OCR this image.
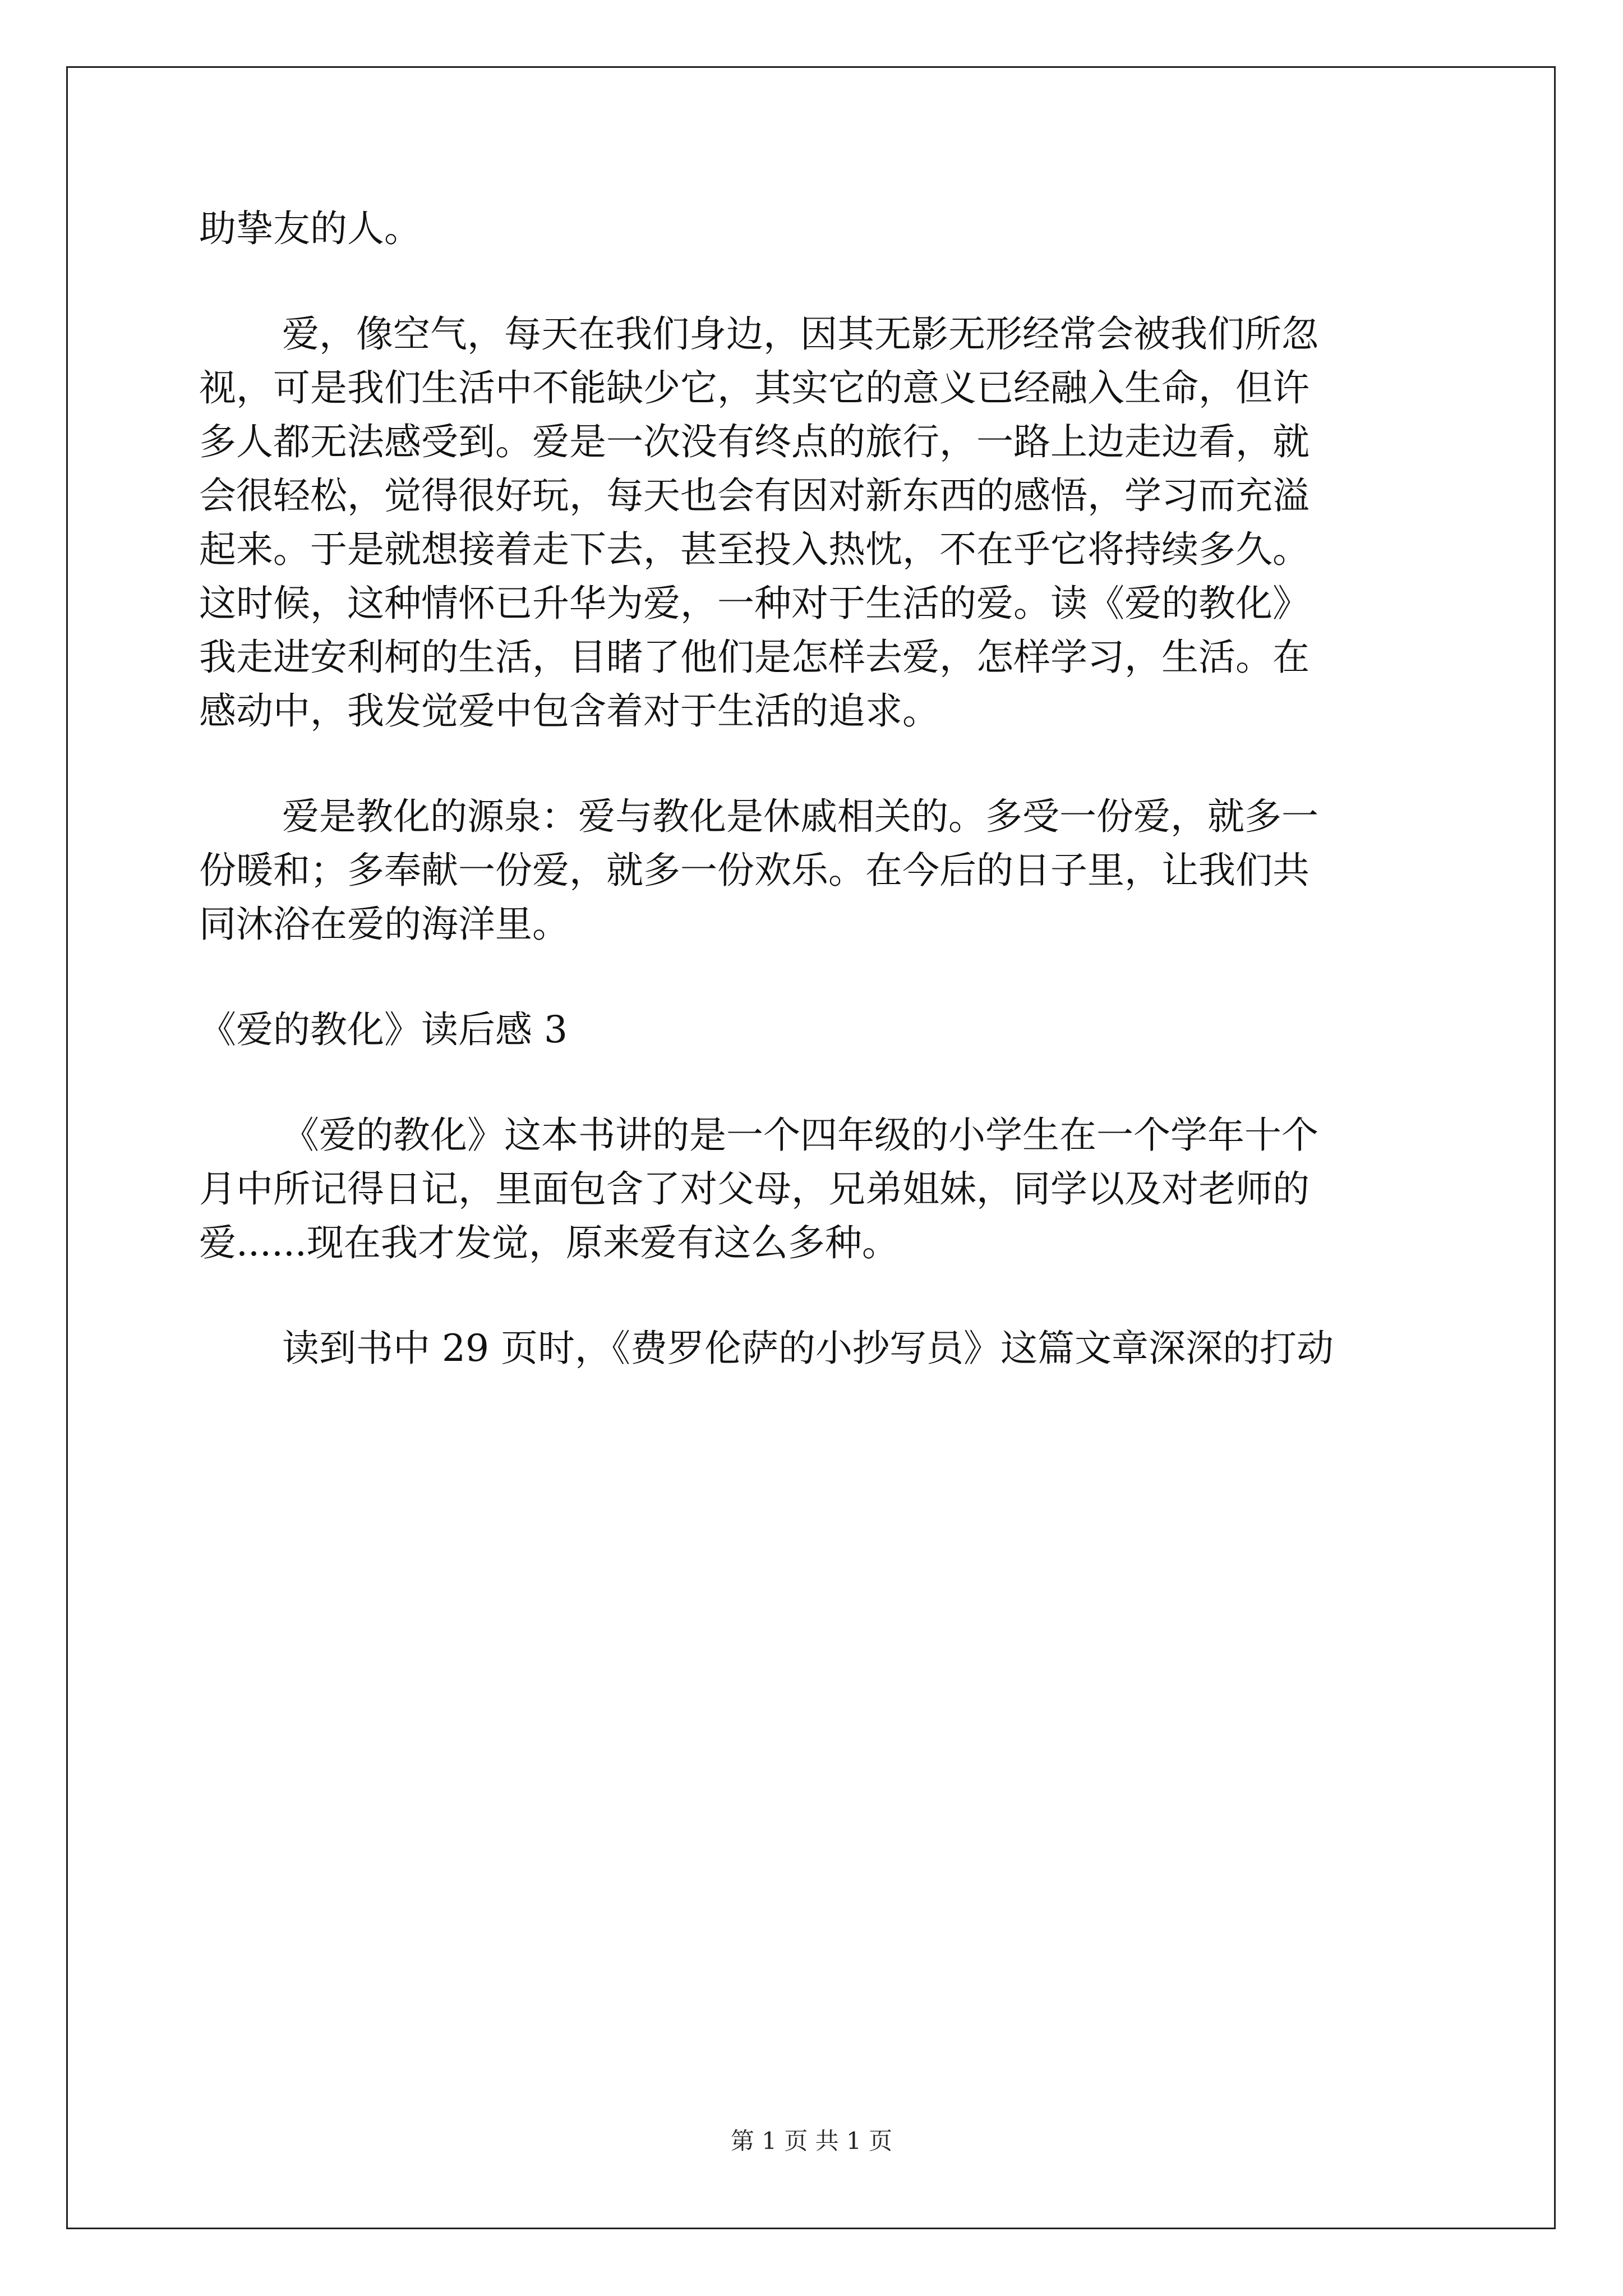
助挚友的人。
爱，像空气，每天在我们身边，因其无影无形经常会被我们所忽
视，可是我们生活中不能缺少它，其实它的意义已经融入生命，但许
多人都无法感受到。爱是一次没有终点的旅行，一路上边走边看，就
会很轻松，觉得很好玩，每天也会有因对新东西的感悟，学习而充溢
起来。于是就想接着走下去，甚至投入热忱，不在乎它将持续多久。
这时候，这种情怀已升华为爱，一种对于生活的爱。读《爱的教化》
我走进安利柯的生活，目睹了他们是怎样去爱，怎样学习，生活。在
感动中，我发觉爱中包含着对于生活的追求。
爱是教化的源泉：爱与教化是休戚相关的。多受一份爱，就多一
份暖和；多奉献一份爱，就多一份欢乐。在今后的日子里，让我们共
同沐浴在爱的海洋里。
《爱的教化》读后感 3
《爱的教化》这本书讲的是一个四年级的小学生在一个学年十个
月中所记得日记，里面包含了对父母，兄弟姐妹，同学以及对老师的
爱......现在我才发觉，原来爱有这么多种。
读到书中 29 页时，《费罗伦萨的小抄写员》这篇文章深深的打动
第 1 页 共 1 页
